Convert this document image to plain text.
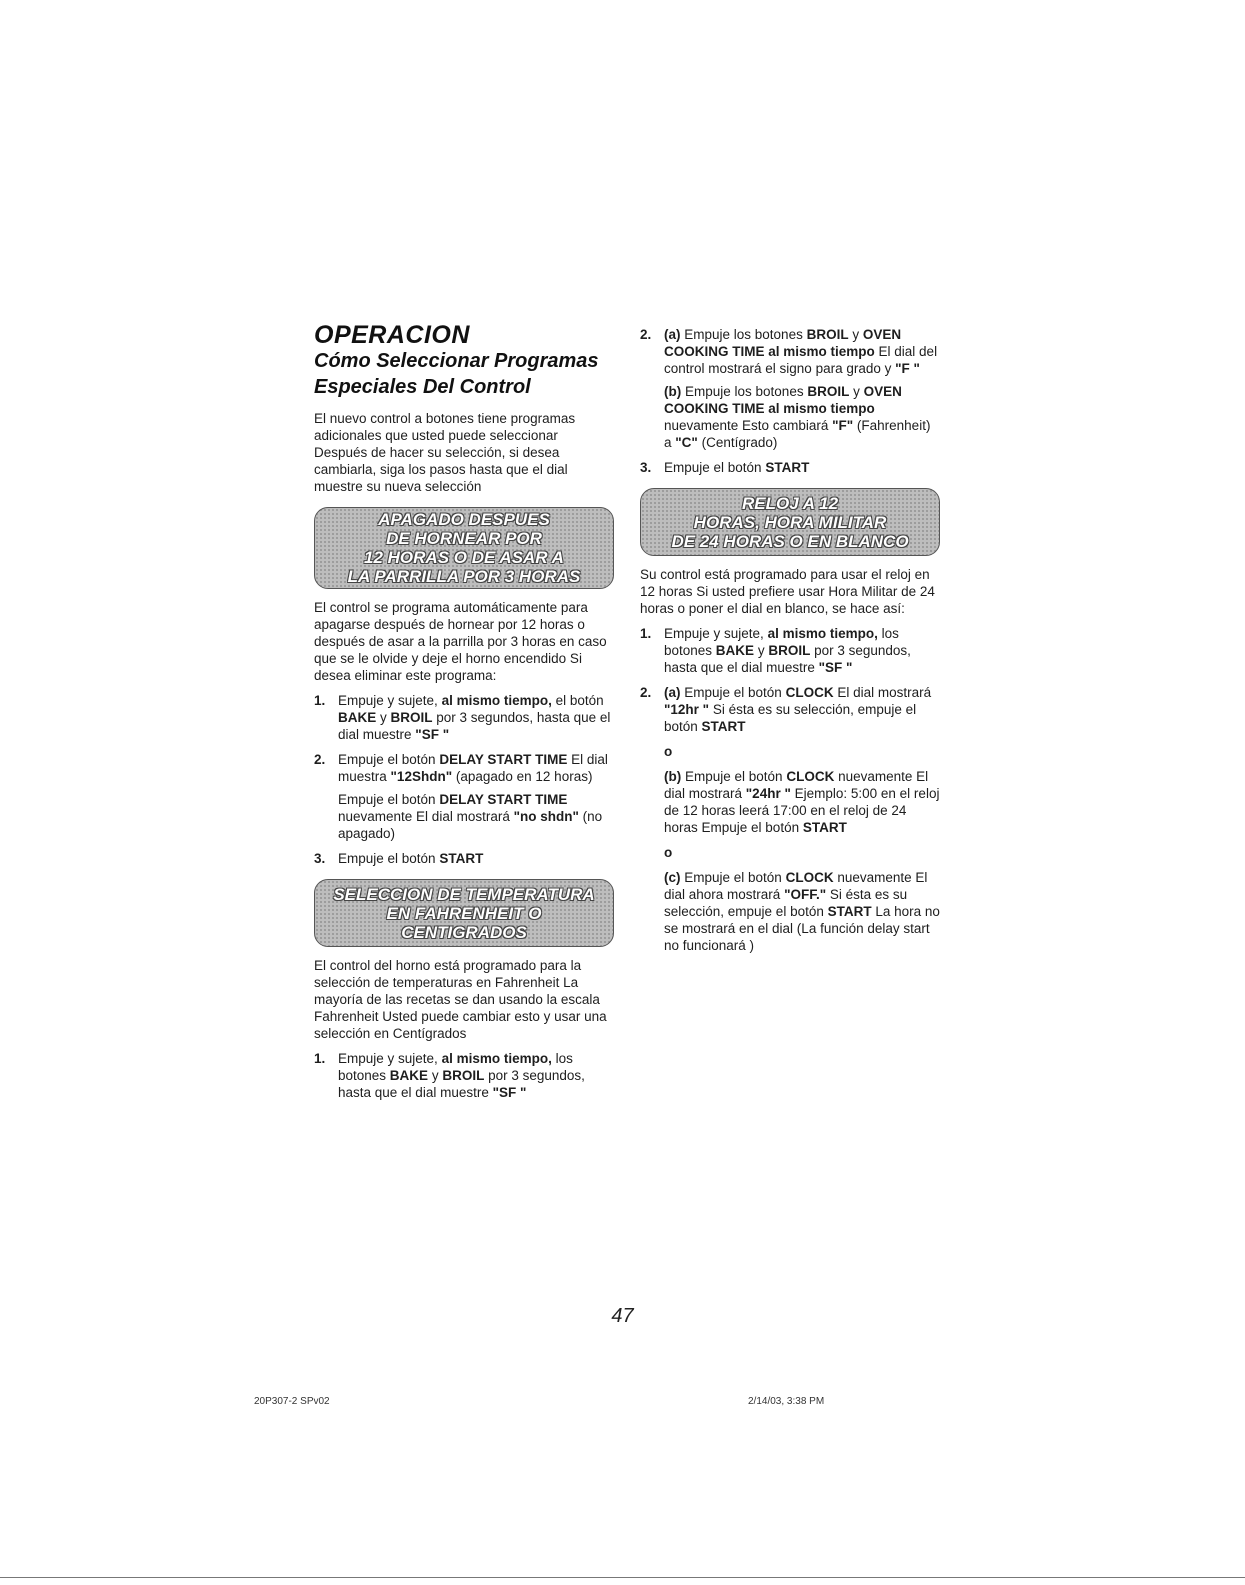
OPERACION
Cómo Seleccionar Programas
Especiales Del Control

El nuevo control a botones tiene programas adicionales que usted puede seleccionar Después de hacer su selección, si desea cambiarla, siga los pasos hasta que el dial muestre su nueva selección

APAGADO DESPUES
DE HORNEAR POR
12 HORAS O DE ASAR A
LA PARRILLA POR 3 HORAS

El control se programa automáticamente para apagarse después de hornear por 12 horas o después de asar a la parrilla por 3 horas en caso que se le olvide y deje el horno encendido Si desea eliminar este programa:

1. Empuje y sujete, al mismo tiempo, el botón BAKE y BROIL por 3 segundos, hasta que el dial muestre "SF "
2. Empuje el botón DELAY START TIME El dial muestra "12Shdn" (apagado en 12 horas)
Empuje el botón DELAY START TIME nuevamente El dial mostrará "no shdn" (no apagado)
3. Empuje el botón START
SELECCION DE TEMPERATURA
EN FAHRENHEIT O
CENTIGRADOS

El control del horno está programado para la selección de temperaturas en Fahrenheit La mayoría de las recetas se dan usando la escala Fahrenheit Usted puede cambiar esto y usar una selección en Centígrados

1. Empuje y sujete, al mismo tiempo, los botones BAKE y BROIL por 3 segundos, hasta que el dial muestre "SF "
2. (a) Empuje los botones BROIL y OVEN COOKING TIME al mismo tiempo El dial del control mostrará el signo para grado y "F "
(b) Empuje los botones BROIL y OVEN COOKING TIME al mismo tiempo nuevamente Esto cambiará "F" (Fahrenheit) a "C" (Centígrado)
3. Empuje el botón START
RELOJ A 12
HORAS, HORA MILITAR
DE 24 HORAS O EN BLANCO

Su control está programado para usar el reloj en 12 horas Si usted prefiere usar Hora Militar de 24 horas o poner el dial en blanco, se hace así:

1. Empuje y sujete, al mismo tiempo, los botones BAKE y BROIL por 3 segundos, hasta que el dial muestre "SF "
2. (a) Empuje el botón CLOCK El dial mostrará "12hr " Si ésta es su selección, empuje el botón START
o
(b) Empuje el botón CLOCK nuevamente El dial mostrará "24hr " Ejemplo: 5:00 en el reloj de 12 horas leerá 17:00 en el reloj de 24 horas Empuje el botón START
o
(c) Empuje el botón CLOCK nuevamente El dial ahora mostrará "OFF." Si ésta es su selección, empuje el botón START La hora no se mostrará en el dial (La función delay start no funcionará )
47
20P307-2 SPv02	2/14/03, 3:38 PM
